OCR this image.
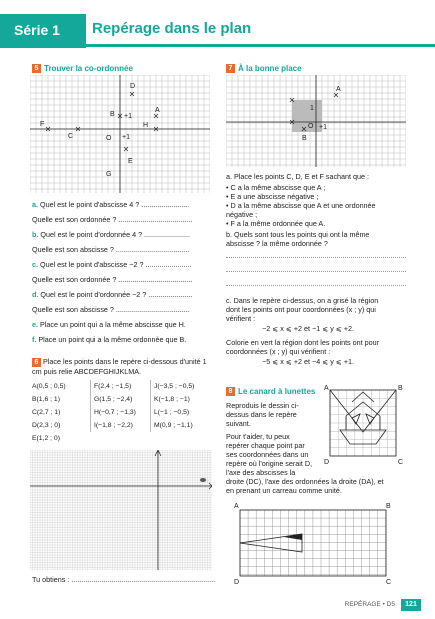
Série 1	Repérage dans le plan
5 Trouver la co-ordonnée
D
B +1
A
F
C	O +1
H
E
G
a. Quel est le point d'abscisse 4 ? ........................
Quelle est son ordonnée ? .....................................
b. Quel est le point d'ordonnée 4 ? .......................
Quelle est son abscisse ? .....................................
c. Quel est le point d'abscisse −2 ? .......................
Quelle est son ordonnée ? .....................................
d. Quel est le point d'ordonnée −2 ? ......................
Quelle est son abscisse ? .....................................
e. Place un point qui a la même abscisse que H.
f. Place un point qui a la même ordonnée que B.
6 Place les points dans le repère ci-dessous d'unité 1 cm puis relie ABCDEFGHIJKLMA.
A(0,5 ; 0,5)
B(1,6 ; 1)
C(2,7 ; 1)
D(2,3 ; 0)
E(1,2 ; 0)
F(2,4 ; −1,5)
G(1,5 ; −2,4)
H(−0,7 ; −1,3)
I(−1,8 ; −2,2)
J(−3,5 ; −0,5)
K(−1,8 ; −1)
L(−1 ; −0,5)
M(0,9 ; −1,1)
Tu obtiens : ........................................................................
7 À la bonne place
A
1
O +1
B
a. Place les points C, D, E et F sachant que :
• C a la même abscisse que A ;
• E a une abscisse négative ;
• D a la même abscisse que A et une ordonnée
négative ;
• F a la même ordonnée que A.
b. Quels sont tous les points qui ont la même
abscisse ? la même ordonnée ?
c. Dans le repère ci-dessus, on a grisé la région
dont les points ont pour coordonnées (x ; y) qui
vérifient :
−2 ⩽ x ⩽ +2 et −1 ⩽ y ⩽ +2.
Colorie en vert la région dont les points ont pour
coordonnées (x ; y) qui vérifient :
−5 ⩽ x ⩽ +2 et −4 ⩽ y ⩽ +1.
8 Le canard à lunettes
Reproduis le dessin ci-
dessus dans le repère
suivant.
Pour t'aider, tu peux
repérer chaque point par
ses coordonnées dans un
repère où l'origine serait D,
l'axe des abscisses la
droite (DC), l'axe des ordonnées la droite (DA), et
en prenant un carreau comme unité.
A	B
D	C
A	B
D	C
REPÉRAGE • D5	121
